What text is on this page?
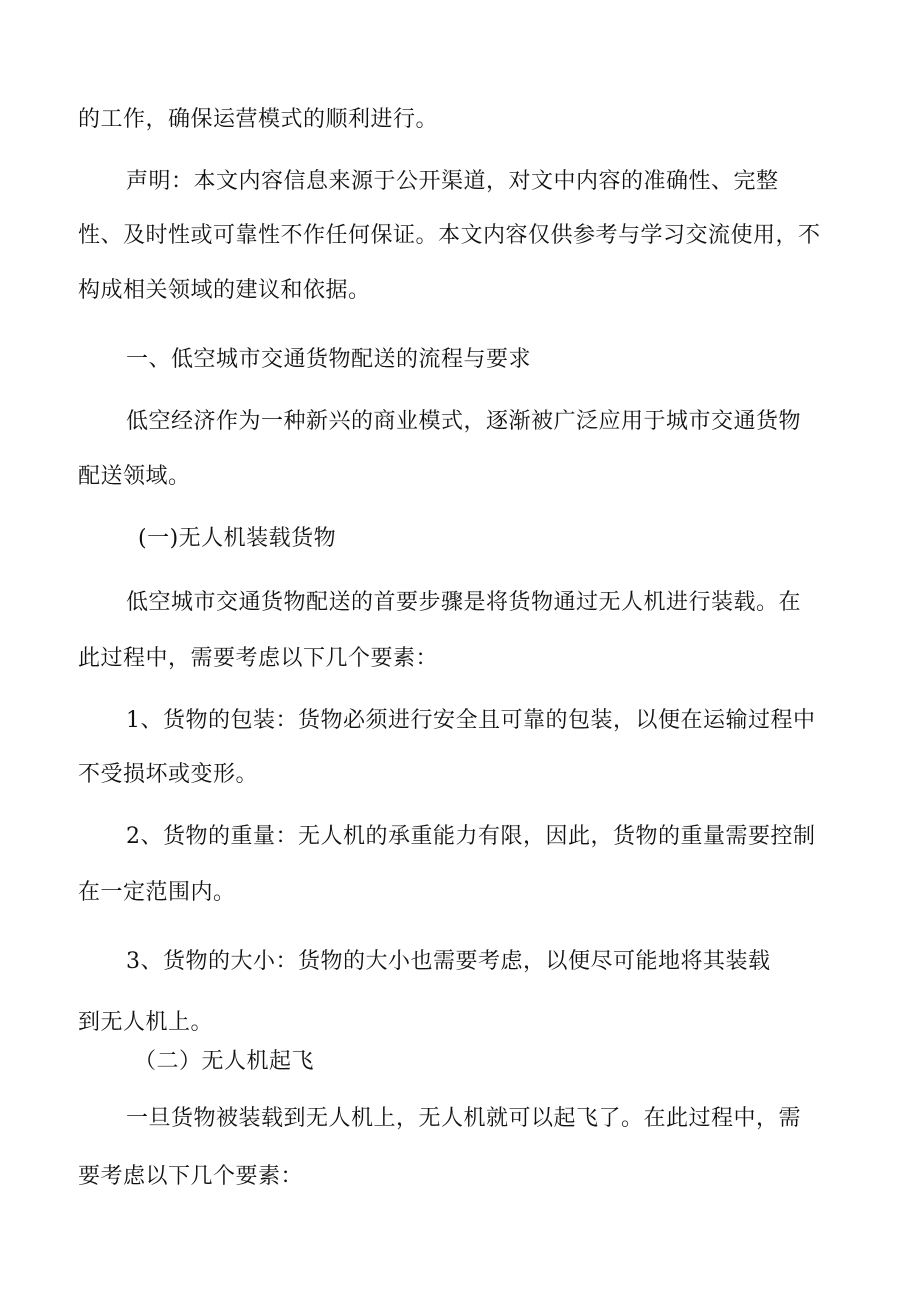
的工作，确保运营模式的顺利进行。
声明：本文内容信息来源于公开渠道，对文中内容的准确性、完整
性、及时性或可靠性不作任何保证。本文内容仅供参考与学习交流使用，不
构成相关领域的建议和依据。
一、低空城市交通货物配送的流程与要求
低空经济作为一种新兴的商业模式，逐渐被广泛应用于城市交通货物
配送领域。
(一)无人机装载货物
低空城市交通货物配送的首要步骤是将货物通过无人机进行装载。在
此过程中，需要考虑以下几个要素：
1、货物的包装：货物必须进行安全且可靠的包装，以便在运输过程中
不受损坏或变形。
2、货物的重量：无人机的承重能力有限，因此，货物的重量需要控制
在一定范围内。
3、货物的大小：货物的大小也需要考虑，以便尽可能地将其装载
到无人机上。
（二）无人机起飞
一旦货物被装载到无人机上，无人机就可以起飞了。在此过程中，需
要考虑以下几个要素：
